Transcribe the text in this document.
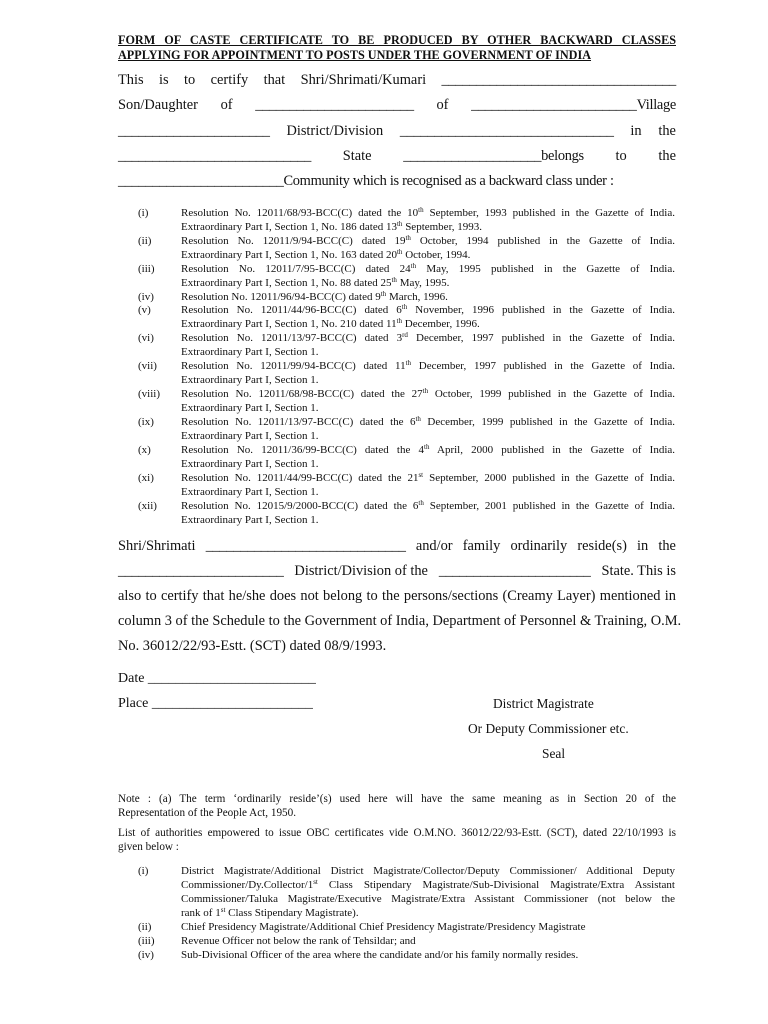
FORM OF CASTE CERTIFICATE TO BE PRODUCED BY OTHER BACKWARD CLASSES
APPLYING FOR APPOINTMENT TO POSTS UNDER THE GOVERNMENT OF INDIA
This is to certify that Shri/Shrimati/Kumari __________________________________
Son/Daughter of _______________________ of ________________________Village
______________________ District/Division _______________________________ in the
____________________________ State ____________________belongs to the
________________________Community which is recognised as a backward class under :
(i)	Resolution No. 12011/68/93-BCC(C) dated the 10th September, 1993 published in the Gazette of India.
Extraordinary Part I, Section 1, No. 186 dated 13th September, 1993.
(ii)	Resolution No. 12011/9/94-BCC(C) dated 19th October, 1994 published in the Gazette of India.
Extraordinary Part I, Section 1, No. 163 dated 20th October, 1994.
(iii) Resolution No. 12011/7/95-BCC(C) dated 24th May, 1995 published in the Gazette of India.
Extraordinary Part I, Section 1, No. 88 dated 25th May, 1995.
(iv) Resolution No. 12011/96/94-BCC(C) dated 9th March, 1996.
(v)	Resolution No. 12011/44/96-BCC(C) dated 6th November, 1996 published in the Gazette of India.
Extraordinary Part I, Section 1, No. 210 dated 11th December, 1996.
(vi) Resolution No. 12011/13/97-BCC(C) dated 3rd December, 1997 published in the Gazette of India.
Extraordinary Part I, Section 1.
(vii) Resolution No. 12011/99/94-BCC(C) dated 11th December, 1997 published in the Gazette of India.
Extraordinary Part I, Section 1.
(viii) Resolution No. 12011/68/98-BCC(C) dated the 27th October, 1999 published in the Gazette of India.
Extraordinary Part I, Section 1.
(ix) Resolution No. 12011/13/97-BCC(C) dated the 6th December, 1999 published in the Gazette of India.
Extraordinary Part I, Section 1.
(x)	Resolution No. 12011/36/99-BCC(C) dated the 4th April, 2000 published in the Gazette of India.
Extraordinary Part I, Section 1.
(xi) Resolution No. 12011/44/99-BCC(C) dated the 21st September, 2000 published in the Gazette of India.
Extraordinary Part I, Section 1.
(xii) Resolution No. 12015/9/2000-BCC(C) dated the 6th September, 2001 published in the Gazette of India.
Extraordinary Part I, Section 1.
Shri/Shrimati _____________________________ and/or family ordinarily reside(s) in the
________________________ District/Division of the ______________________ State. This is
also to certify that he/she does not belong to the persons/sections (Creamy Layer) mentioned in
column 3 of the Schedule to the Government of India, Department of Personnel & Training, O.M.
No. 36012/22/93-Estt. (SCT) dated 08/9/1993.
Date ________________________
Place _______________________	District Magistrate
Or Deputy Commissioner etc.
Seal
Note : (a) The term ‘ordinarily reside’(s) used here will have the same meaning as in Section 20 of the
Representation of the People Act, 1950.
List of authorities empowered to issue OBC certificates vide O.M.NO. 36012/22/93-Estt. (SCT), dated 22/10/1993 is
given below :
(i)	District Magistrate/Additional District Magistrate/Collector/Deputy Commissioner/ Additional Deputy
Commissioner/Dy.Collector/1st Class Stipendary Magistrate/Sub-Divisional Magistrate/Extra Assistant
Commissioner/Taluka Magistrate/Executive Magistrate/Extra Assistant Commissioner (not below the
rank of 1st Class Stipendary Magistrate).
(ii)	Chief Presidency Magistrate/Additional Chief Presidency Magistrate/Presidency Magistrate
(iii) Revenue Officer not below the rank of Tehsildar; and
(iv) Sub-Divisional Officer of the area where the candidate and/or his family normally resides.
